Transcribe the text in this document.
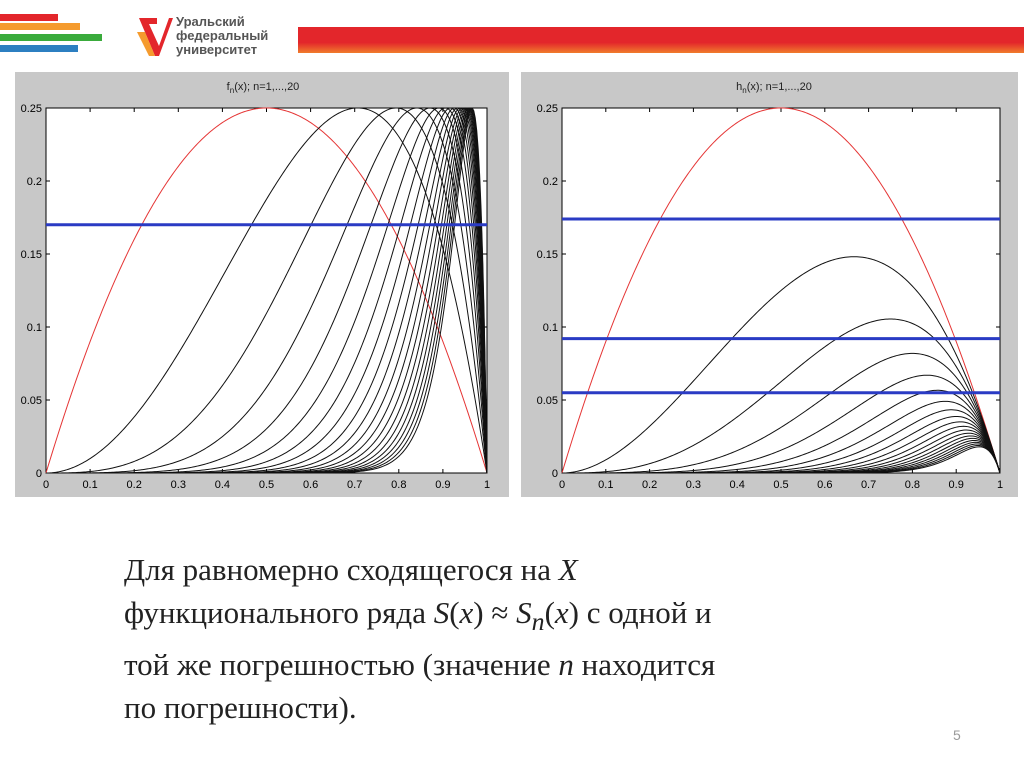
Уральский
федеральный
университет
$f_n(x)$; n=1,...,20
0	0.1	0.2	0.3	0.4	0.5	0.6	0.7	0.8	0.9	1
0
0.05
0.1
0.15
0.2
0.25
$h_n(x)$; n=1,...,20
0	0.1	0.2	0.3	0.4	0.5	0.6	0.7	0.8	0.9	1
0
0.05
0.1
0.15
0.2
0.25

Для равномерно сходящегося на X

функционального ряда $S(x) \approx S_n(x)$ с одной и

той же погрешностью (значение n находится

по погрешности).

5
